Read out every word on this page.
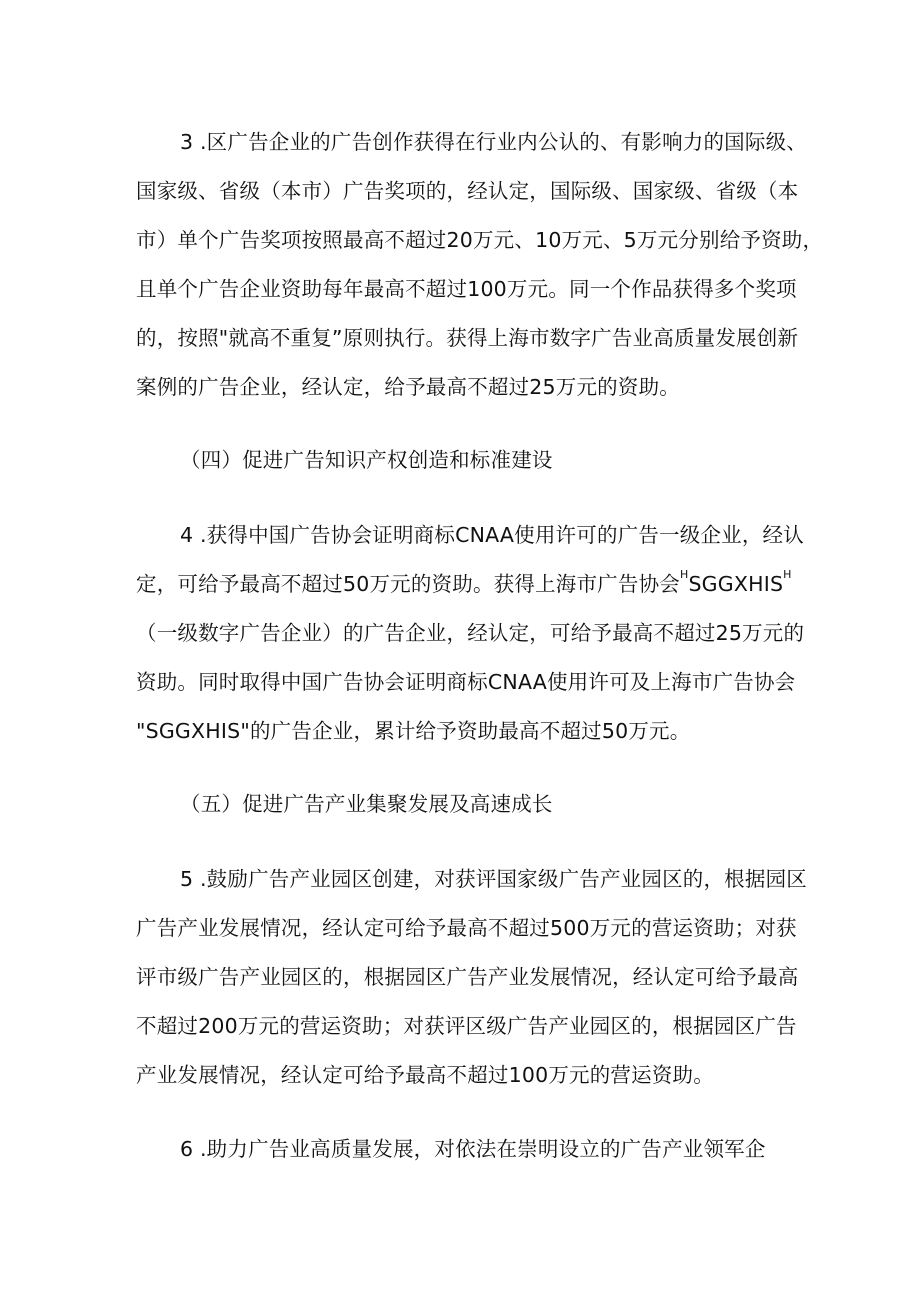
3 .区广告企业的广告创作获得在行业内公认的、有影响力的国际级、
国家级、省级（本市）广告奖项的，经认定，国际级、国家级、省级（本
市）单个广告奖项按照最高不超过20万元、10万元、5万元分别给予资助，
且单个广告企业资助每年最高不超过100万元。同一个作品获得多个奖项
的，按照"就高不重复”原则执行。获得上海市数字广告业高质量发展创新
案例的广告企业，经认定，给予最高不超过25万元的资助。
（四）促进广告知识产权创造和标准建设
4 .获得中国广告协会证明商标CNAA使用许可的广告一级企业，经认
定，可给予最高不超过50万元的资助。获得上海市广告协会$^HSGGXHIS^H$
（一级数字广告企业）的广告企业，经认定，可给予最高不超过25万元的
资助。同时取得中国广告协会证明商标CNAA使用许可及上海市广告协会
"SGGXHIS"的广告企业，累计给予资助最高不超过50万元。
（五）促进广告产业集聚发展及高速成长
5 .鼓励广告产业园区创建，对获评国家级广告产业园区的，根据园区
广告产业发展情况，经认定可给予最高不超过500万元的营运资助；对获
评市级广告产业园区的，根据园区广告产业发展情况，经认定可给予最高
不超过200万元的营运资助；对获评区级广告产业园区的，根据园区广告
产业发展情况，经认定可给予最高不超过100万元的营运资助。
6 .助力广告业高质量发展，对依法在崇明设立的广告产业领军企
